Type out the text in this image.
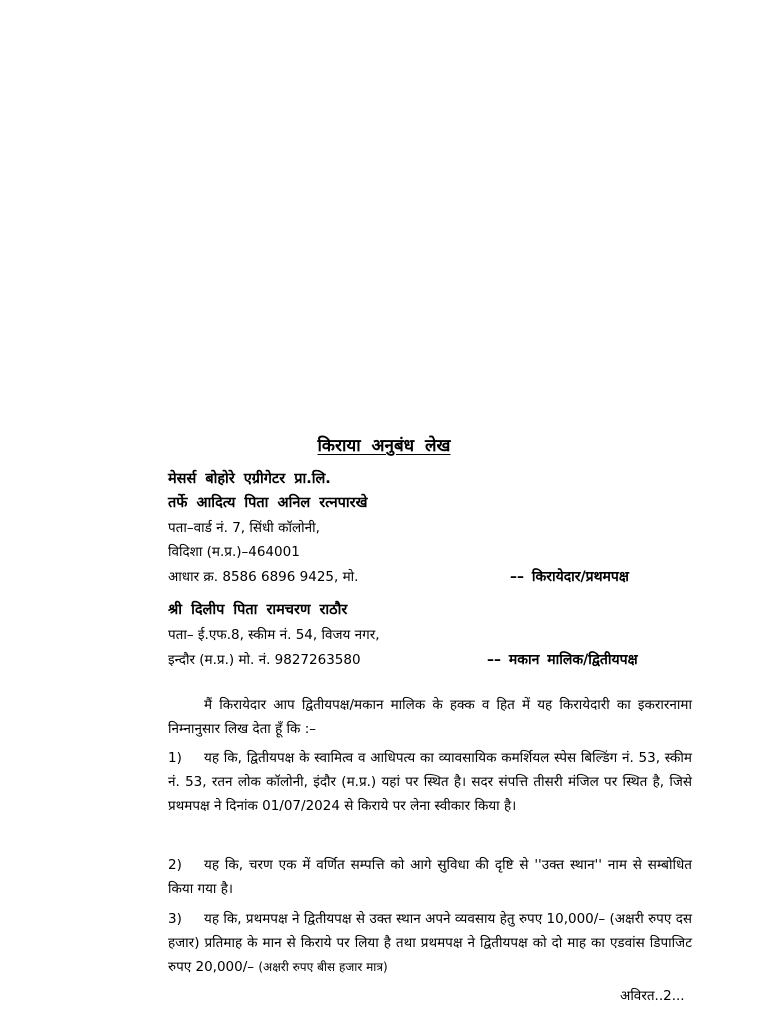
किराया अनुबंध लेख
मेसर्स बोहोरे एग्रीगेटर प्रा.लि.
तर्फे आदित्य पिता अनिल रत्नपारखे
पता–वार्ड नं. 7, सिंधी कॉलोनी,
विदिशा (म.प्र.)–464001
आधार क्र. 8586 6896 9425, मो.	–– किरायेदार/प्रथमपक्ष
श्री दिलीप पिता रामचरण राठौर
पता– ई.एफ.8, स्कीम नं. 54, विजय नगर,
इन्दौर (म.प्र.) मो. नं. 9827263580	–– मकान मालिक/द्वितीयपक्ष
मैं किरायेदार आप द्वितीयपक्ष/मकान मालिक के हक्क व हित में यह किरायेदारी का इकरारनामा निम्नानुसार लिख देता हूँ कि :–
1) यह कि, द्वितीयपक्ष के स्वामित्व व आधिपत्य का व्यावसायिक कमर्शियल स्पेस बिल्डिंग नं. 53, स्कीम नं. 53, रतन लोक कॉलोनी, इंदौर (म.प्र.) यहां पर स्थित है। सदर संपत्ति तीसरी मंजिल पर स्थित है, जिसे प्रथमपक्ष ने दिनांक 01/07/2024 से किराये पर लेना स्वीकार किया है।
2) यह कि, चरण एक में वर्णित सम्पत्ति को आगे सुविधा की दृष्टि से ''उक्त स्थान'' नाम से सम्बोधित किया गया है।
3) यह कि, प्रथमपक्ष ने द्वितीयपक्ष से उक्त स्थान अपने व्यवसाय हेतु रुपए 10,000/– (अक्षरी रुपए दस हजार) प्रतिमाह के मान से किराये पर लिया है तथा प्रथमपक्ष ने द्वितीयपक्ष को दो माह का एडवांस डिपाजिट रुपए 20,000/– (अक्षरी रुपए बीस हजार मात्र)
अविरत..2...
